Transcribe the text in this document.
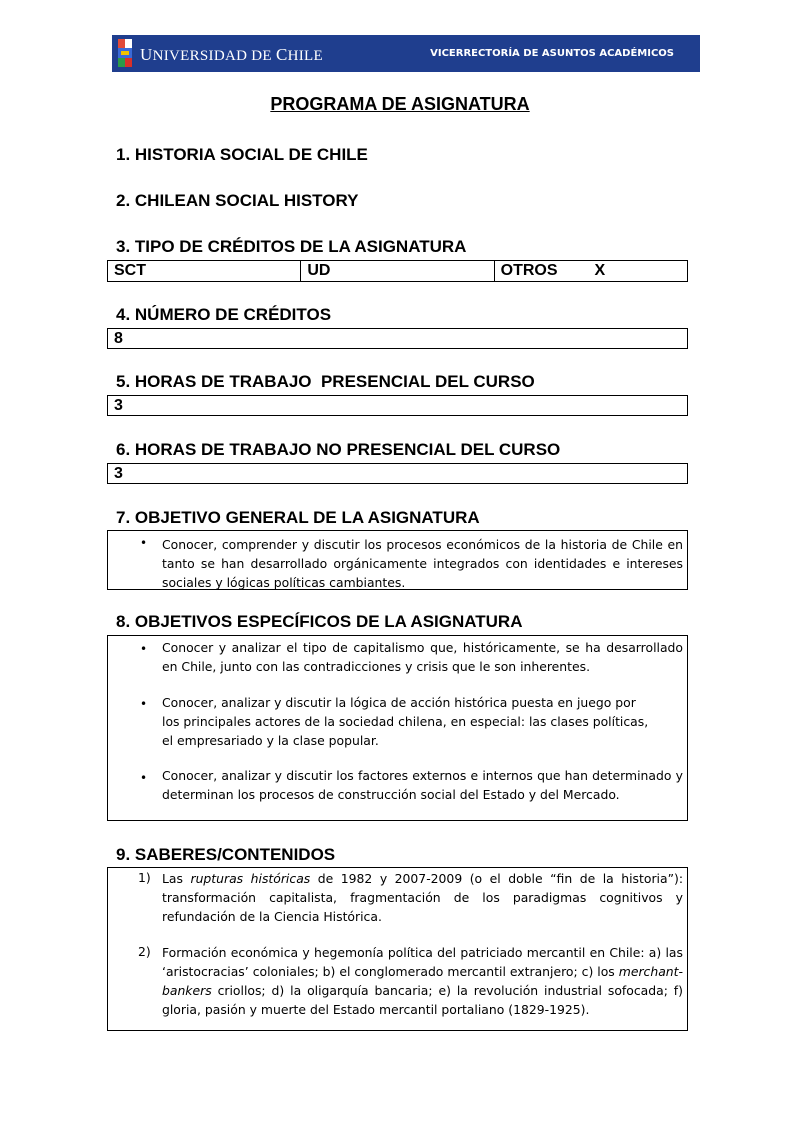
UNIVERSIDAD DE CHILE	VICERRECTORÍA DE ASUNTOS ACADÉMICOS
PROGRAMA DE ASIGNATURA
1. HISTORIA SOCIAL DE CHILE
2. CHILEAN SOCIAL HISTORY
3. TIPO DE CRÉDITOS DE LA ASIGNATURA
SCT	UD	OTROS X
4. NÚMERO DE CRÉDITOS
8
5. HORAS DE TRABAJO  PRESENCIAL DEL CURSO
3
6. HORAS DE TRABAJO NO PRESENCIAL DEL CURSO
3
7. OBJETIVO GENERAL DE LA ASIGNATURA
• Conocer, comprender y discutir los procesos económicos de la historia de Chile en tanto se han desarrollado orgánicamente integrados con identidades e intereses sociales y lógicas políticas cambiantes.
8. OBJETIVOS ESPECÍFICOS DE LA ASIGNATURA
• Conocer y analizar el tipo de capitalismo que, históricamente, se ha desarrollado en Chile, junto con las contradicciones y crisis que le son inherentes.
• Conocer, analizar y discutir la lógica de acción histórica puesta en juego por los principales actores de la sociedad chilena, en especial: las clases políticas, el empresariado y la clase popular.
• Conocer, analizar y discutir los factores externos e internos que han determinado y determinan los procesos de construcción social del Estado y del Mercado.
9. SABERES/CONTENIDOS
1) Las rupturas históricas de 1982 y 2007-2009 (o el doble “fin de la historia”): transformación capitalista, fragmentación de los paradigmas cognitivos y refundación de la Ciencia Histórica.
2) Formación económica y hegemonía política del patriciado mercantil en Chile: a) las ‘aristocracias’ coloniales; b) el conglomerado mercantil extranjero; c) los merchant-bankers criollos; d) la oligarquía bancaria; e) la revolución industrial sofocada; f) gloria, pasión y muerte del Estado mercantil portaliano (1829-1925).
